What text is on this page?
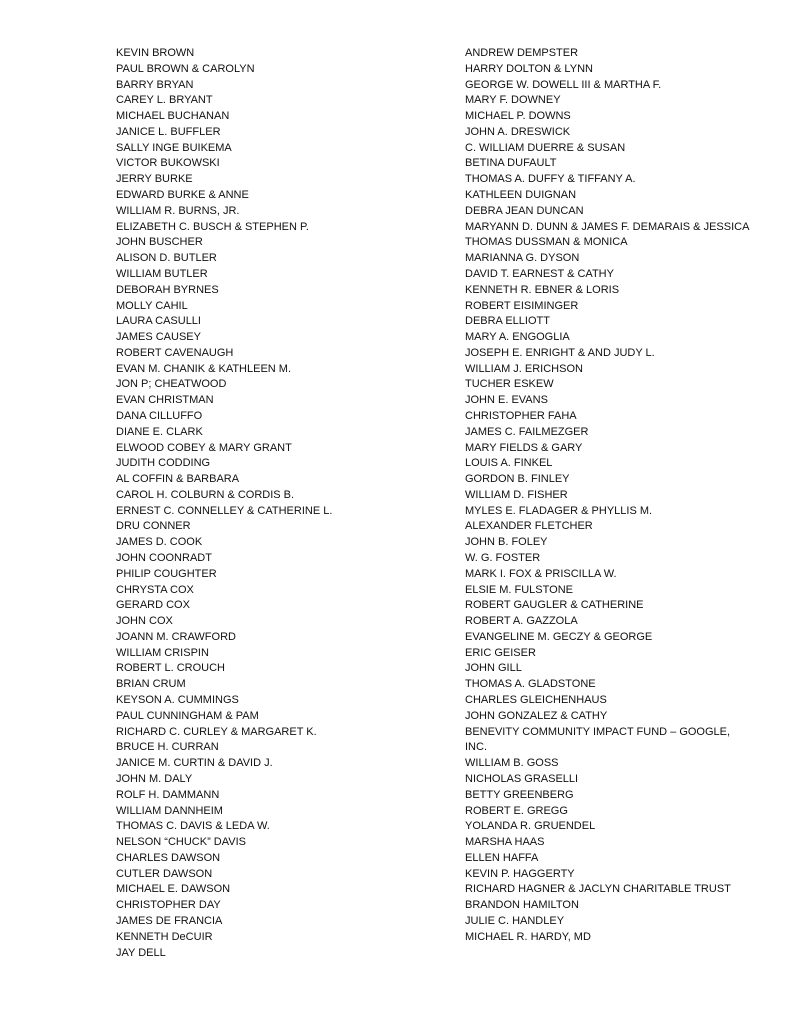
KEVIN BROWN
PAUL BROWN & CAROLYN
BARRY BRYAN
CAREY L. BRYANT
MICHAEL BUCHANAN
JANICE L. BUFFLER
SALLY INGE BUIKEMA
VICTOR BUKOWSKI
JERRY BURKE
EDWARD BURKE & ANNE
WILLIAM R. BURNS, JR.
ELIZABETH C. BUSCH & STEPHEN P.
JOHN BUSCHER
ALISON D. BUTLER
WILLIAM BUTLER
DEBORAH BYRNES
MOLLY CAHIL
LAURA CASULLI
JAMES CAUSEY
ROBERT CAVENAUGH
EVAN M. CHANIK & KATHLEEN M.
JON P; CHEATWOOD
EVAN CHRISTMAN
DANA CILLUFFO
DIANE E. CLARK
ELWOOD COBEY & MARY GRANT
JUDITH CODDING
AL COFFIN & BARBARA
CAROL H. COLBURN & CORDIS B.
ERNEST C. CONNELLEY & CATHERINE L.
DRU CONNER
JAMES D. COOK
JOHN COONRADT
PHILIP COUGHTER
CHRYSTA COX
GERARD COX
JOHN COX
JOANN M. CRAWFORD
WILLIAM CRISPIN
ROBERT L. CROUCH
BRIAN CRUM
KEYSON A. CUMMINGS
PAUL CUNNINGHAM & PAM
RICHARD C. CURLEY & MARGARET K.
BRUCE H. CURRAN
JANICE M. CURTIN & DAVID J.
JOHN M. DALY
ROLF H. DAMMANN
WILLIAM DANNHEIM
THOMAS C. DAVIS & LEDA W.
NELSON “CHUCK” DAVIS
CHARLES DAWSON
CUTLER DAWSON
MICHAEL E. DAWSON
CHRISTOPHER DAY
JAMES DE FRANCIA
KENNETH DeCUIR
JAY DELL
ANDREW DEMPSTER
HARRY DOLTON & LYNN
GEORGE W. DOWELL III & MARTHA F.
MARY F. DOWNEY
MICHAEL P. DOWNS
JOHN A. DRESWICK
C. WILLIAM DUERRE & SUSAN
BETINA DUFAULT
THOMAS A. DUFFY & TIFFANY A.
KATHLEEN DUIGNAN
DEBRA JEAN DUNCAN
MARYANN D. DUNN & JAMES F. DEMARAIS & JESSICA
THOMAS DUSSMAN & MONICA
MARIANNA G. DYSON
DAVID T. EARNEST & CATHY
KENNETH R. EBNER & LORIS
ROBERT EISIMINGER
DEBRA ELLIOTT
MARY A. ENGOGLIA
JOSEPH E. ENRIGHT & AND JUDY L.
WILLIAM J. ERICHSON
TUCHER ESKEW
JOHN E. EVANS
CHRISTOPHER FAHA
JAMES C. FAILMEZGER
MARY FIELDS & GARY
LOUIS A. FINKEL
GORDON B. FINLEY
WILLIAM D. FISHER
MYLES E. FLADAGER & PHYLLIS M.
ALEXANDER FLETCHER
JOHN B. FOLEY
W. G. FOSTER
MARK I. FOX & PRISCILLA W.
ELSIE M. FULSTONE
ROBERT GAUGLER & CATHERINE
ROBERT A. GAZZOLA
EVANGELINE M. GECZY & GEORGE
ERIC GEISER
JOHN GILL
THOMAS A. GLADSTONE
CHARLES GLEICHENHAUS
JOHN GONZALEZ & CATHY
BENEVITY COMMUNITY IMPACT FUND – GOOGLE, INC.
WILLIAM B. GOSS
NICHOLAS GRASELLI
BETTY GREENBERG
ROBERT E. GREGG
YOLANDA R. GRUENDEL
MARSHA HAAS
ELLEN HAFFA
KEVIN P. HAGGERTY
RICHARD HAGNER & JACLYN CHARITABLE TRUST
BRANDON HAMILTON
JULIE C. HANDLEY
MICHAEL R. HARDY, MD
